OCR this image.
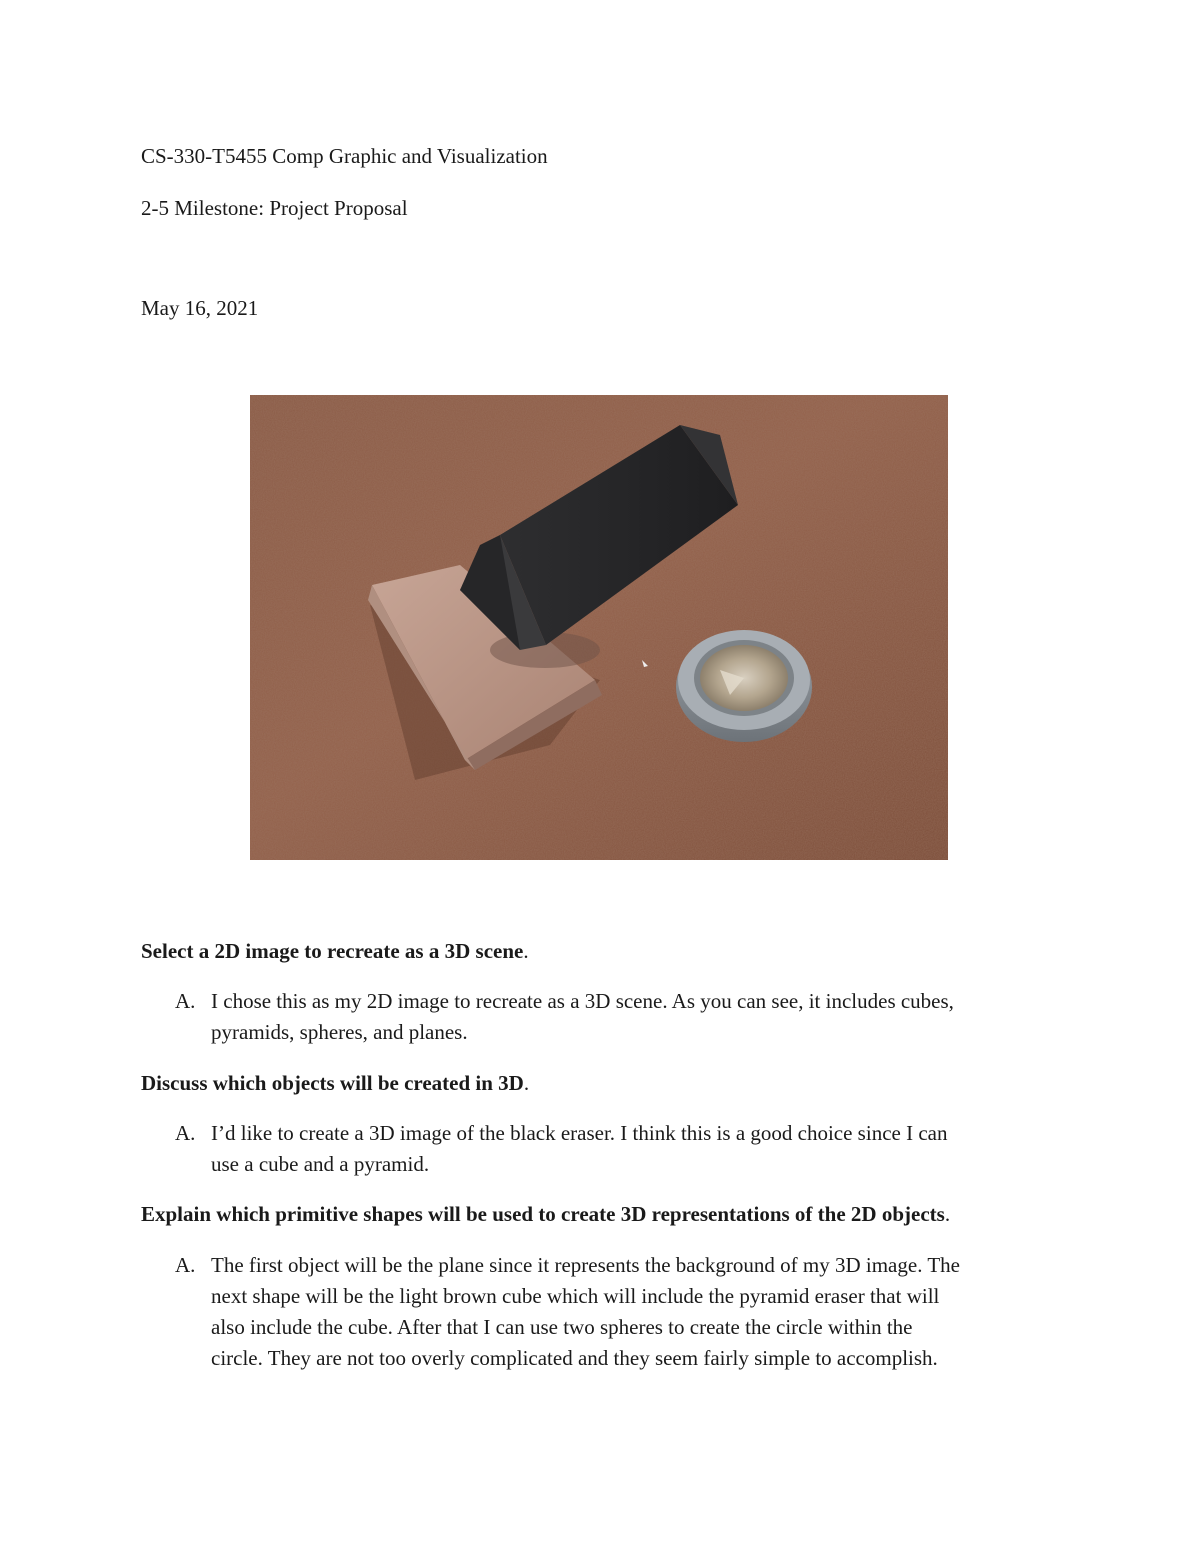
CS-330-T5455 Comp Graphic and Visualization
2-5 Milestone: Project Proposal
May 16, 2021
Select a 2D image to recreate as a 3D scene.
A. I chose this as my 2D image to recreate as a 3D scene. As you can see, it includes cubes,
pyramids, spheres, and planes.
Discuss which objects will be created in 3D.
A. I’d like to create a 3D image of the black eraser. I think this is a good choice since I can
use a cube and a pyramid.
Explain which primitive shapes will be used to create 3D representations of the 2D objects.
A. The first object will be the plane since it represents the background of my 3D image. The
next shape will be the light brown cube which will include the pyramid eraser that will
also include the cube. After that I can use two spheres to create the circle within the
circle. They are not too overly complicated and they seem fairly simple to accomplish.
